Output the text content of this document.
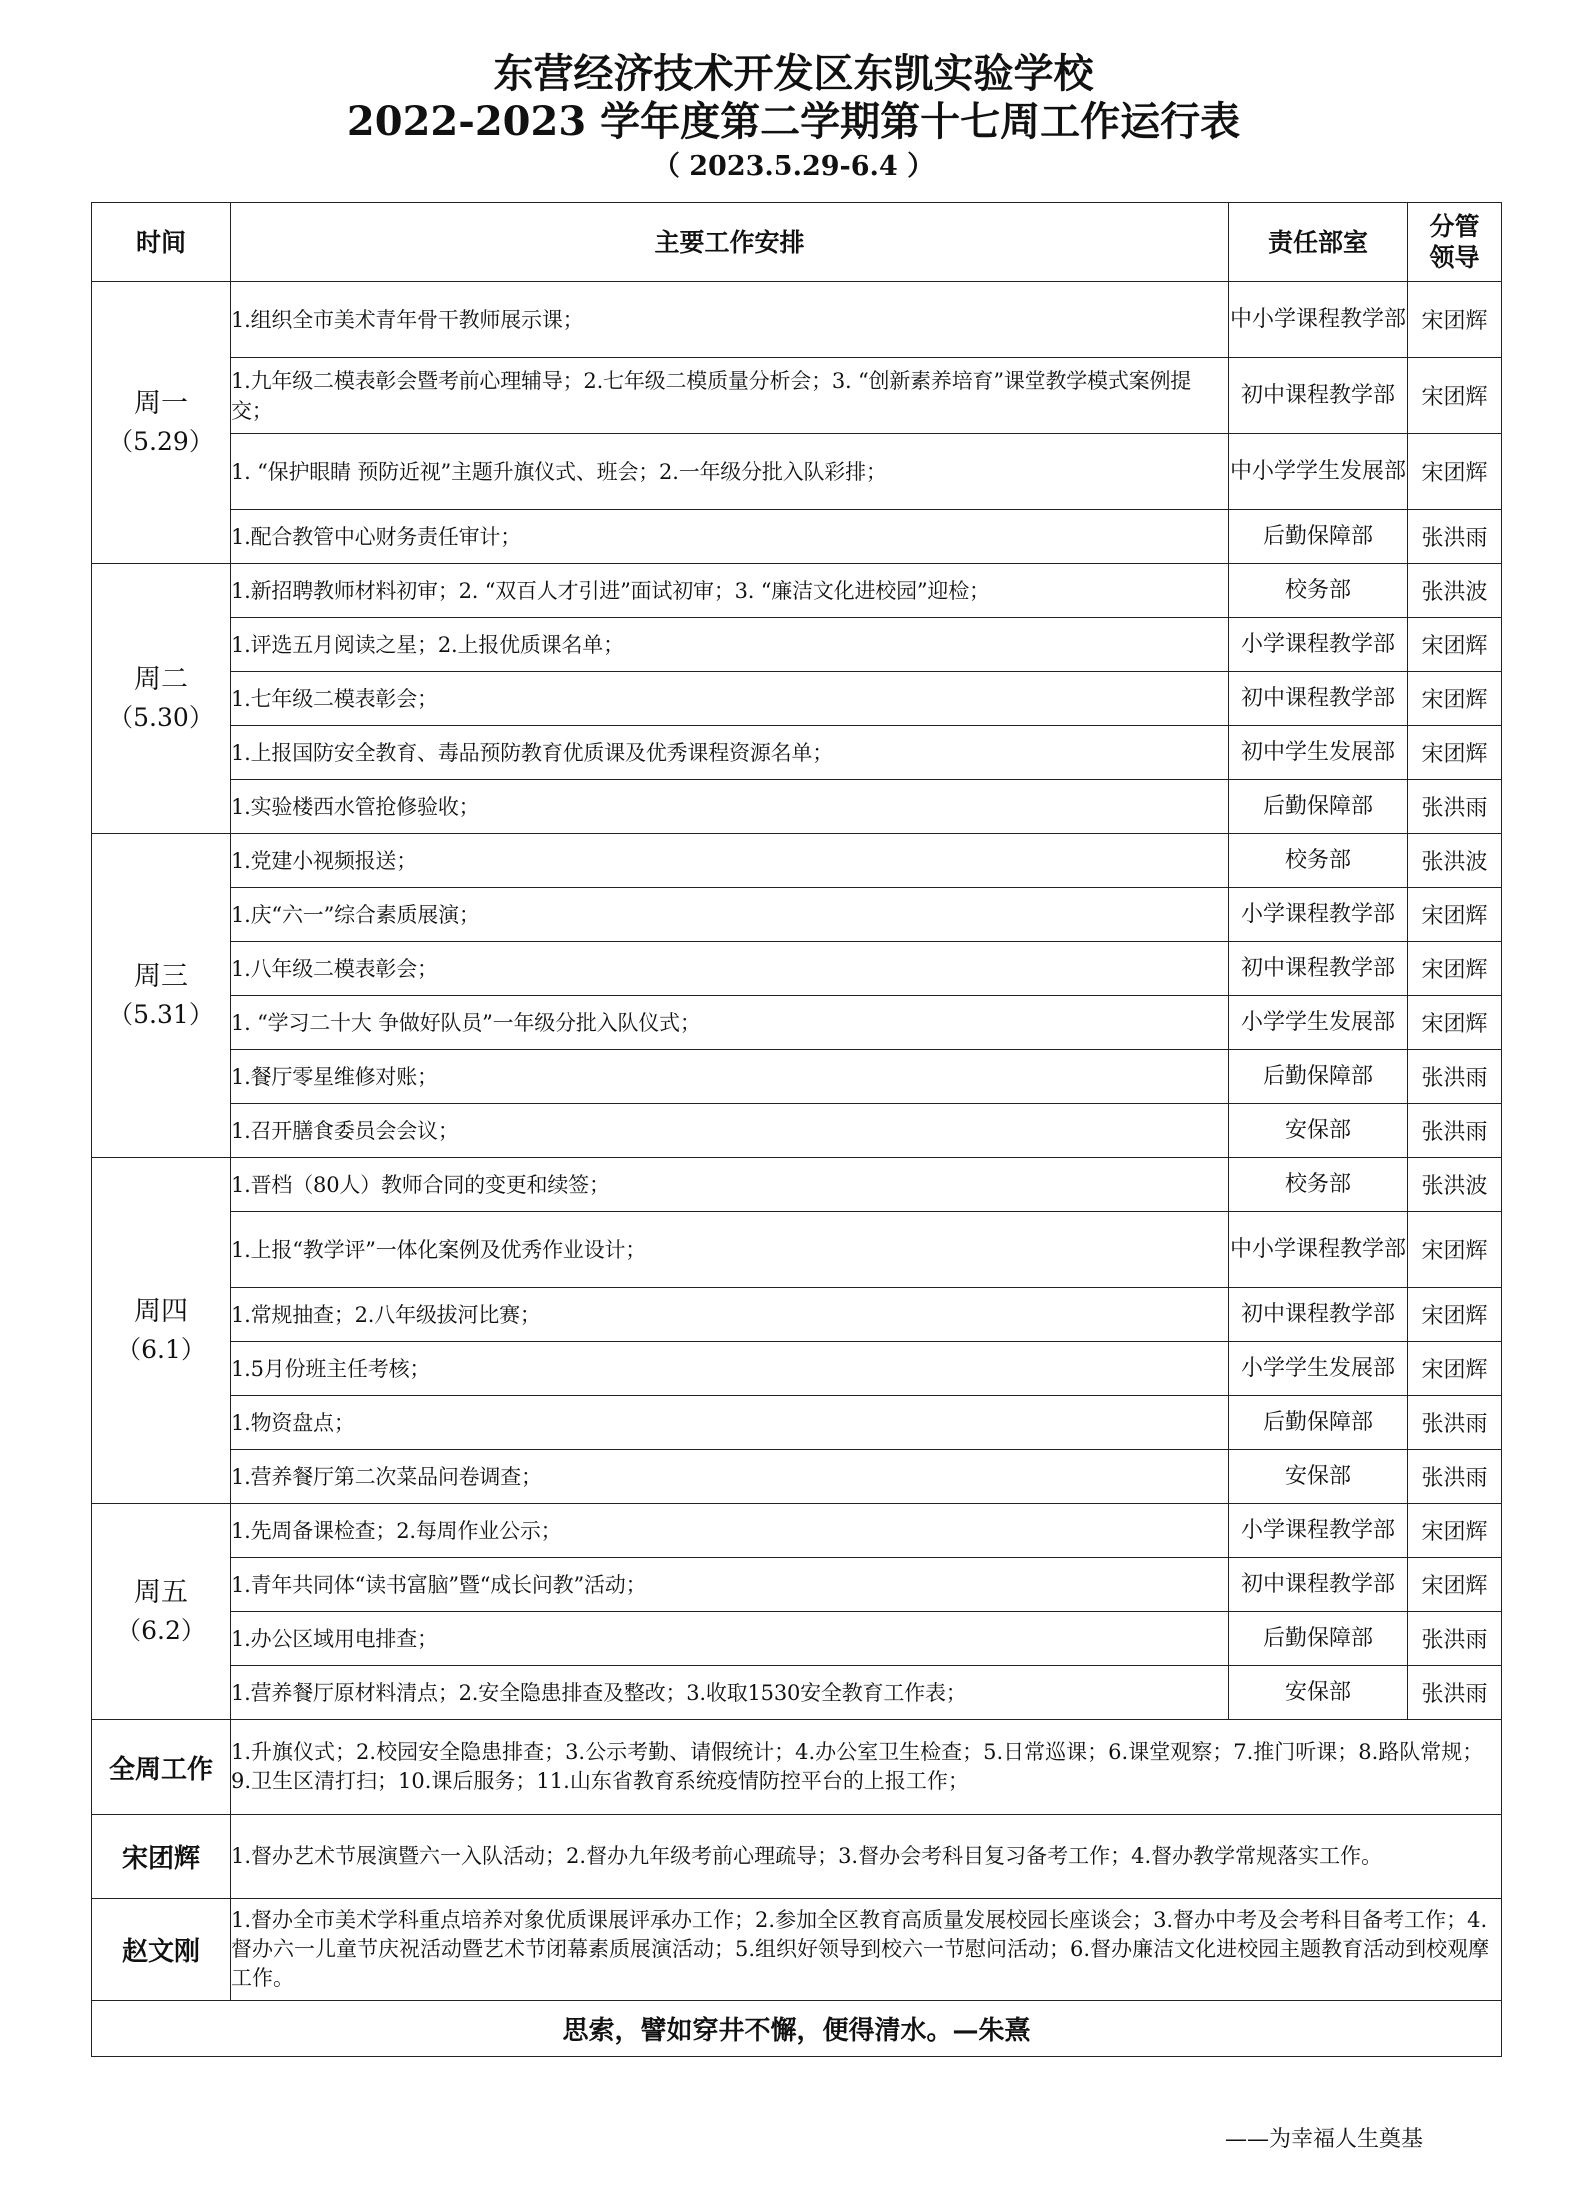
东营经济技术开发区东凯实验学校
2022-2023 学年度第二学期第十七周工作运行表
（ 2023.5.29-6.4 ）
时间	主要工作安排	责任部室	分管
领导

周一
（5.29）	1.组织全市美术青年骨干教师展示课；	中小学课程教学部	宋团辉
	1.九年级二模表彰会暨考前心理辅导；2.七年级二模质量分析会；3. “创新素养培育”课堂教学模式案例提交；	初中课程教学部	宋团辉
	1. “保护眼睛 预防近视”主题升旗仪式、班会；2.一年级分批入队彩排；	中小学学生发展部	宋团辉
	1.配合教管中心财务责任审计；	后勤保障部	张洪雨

周二
（5.30）	1.新招聘教师材料初审；2. “双百人才引进”面试初审；3. “廉洁文化进校园”迎检；	校务部	张洪波
	1.评选五月阅读之星；2.上报优质课名单；	小学课程教学部	宋团辉
	1.七年级二模表彰会；	初中课程教学部	宋团辉
	1.上报国防安全教育、毒品预防教育优质课及优秀课程资源名单；	初中学生发展部	宋团辉
	1.实验楼西水管抢修验收；	后勤保障部	张洪雨

周三
（5.31）	1.党建小视频报送；	校务部	张洪波
	1.庆“六一”综合素质展演；	小学课程教学部	宋团辉
	1.八年级二模表彰会；	初中课程教学部	宋团辉
	1. “学习二十大 争做好队员”一年级分批入队仪式；	小学学生发展部	宋团辉
	1.餐厅零星维修对账；	后勤保障部	张洪雨
	1.召开膳食委员会会议；	安保部	张洪雨

周四
（6.1）	1.晋档（80人）教师合同的变更和续签；	校务部	张洪波
	1.上报“教学评”一体化案例及优秀作业设计；	中小学课程教学部	宋团辉
	1.常规抽查；2.八年级拔河比赛；	初中课程教学部	宋团辉
	1.5月份班主任考核；	小学学生发展部	宋团辉
	1.物资盘点；	后勤保障部	张洪雨
	1.营养餐厅第二次菜品问卷调查；	安保部	张洪雨

周五
（6.2）	1.先周备课检查；2.每周作业公示；	小学课程教学部	宋团辉
	1.青年共同体“读书富脑”暨“成长问教”活动；	初中课程教学部	宋团辉
	1.办公区域用电排查；	后勤保障部	张洪雨
	1.营养餐厅原材料清点；2.安全隐患排查及整改；3.收取1530安全教育工作表；	安保部	张洪雨
全周工作	1.升旗仪式；2.校园安全隐患排查；3.公示考勤、请假统计；4.办公室卫生检查；5.日常巡课；6.课堂观察；7.推门听课；8.路队常规；9.卫生区清打扫；10.课后服务；11.山东省教育系统疫情防控平台的上报工作；		
宋团辉	1.督办艺术节展演暨六一入队活动；2.督办九年级考前心理疏导；3.督办会考科目复习备考工作；4.督办教学常规落实工作。		
赵文刚	1.督办全市美术学科重点培养对象优质课展评承办工作；2.参加全区教育高质量发展校园长座谈会；3.督办中考及会考科目备考工作；4.督办六一儿童节庆祝活动暨艺术节闭幕素质展演活动；5.组织好领导到校六一节慰问活动；6.督办廉洁文化进校园主题教育活动到校观摩工作。		
思索，譬如穿井不懈，便得清水。—朱熹			
——为幸福人生奠基
